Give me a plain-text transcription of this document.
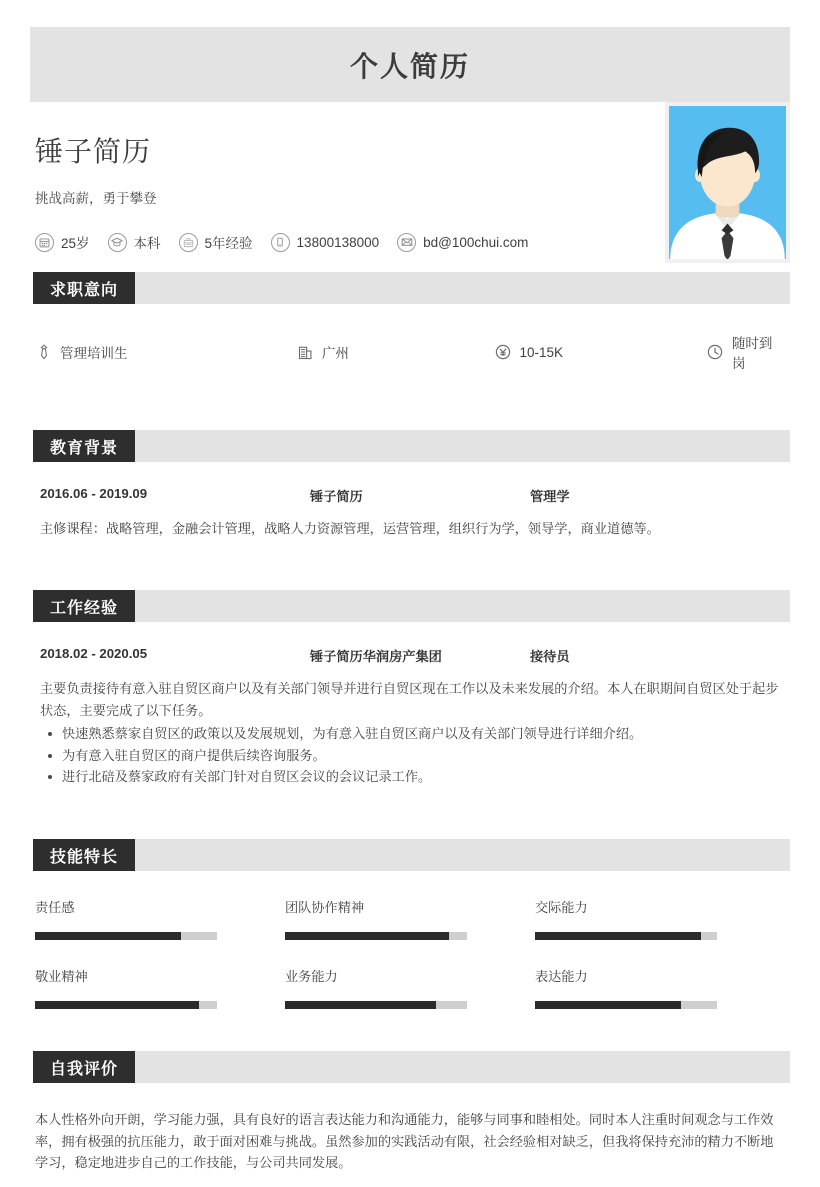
个人简历
锤子简历
挑战高薪，勇于攀登
25岁	本科	5年经验	13800138000	bd@100chui.com
求职意向
管理培训生	广州	10-15K
随时到岗
教育背景
2016.06 - 2019.09	锤子简历	管理学
主修课程：战略管理，金融会计管理，战略人力资源管理，运营管理，组织行为学，领导学，商业道德等。
工作经验
2018.02 - 2020.05	锤子简历华润房产集团	接待员
主要负责接待有意入驻自贸区商户以及有关部门领导并进行自贸区现在工作以及未来发展的介绍。本人在职期间自贸区处于起步状态，主要完成了以下任务。
快速熟悉蔡家自贸区的政策以及发展规划，为有意入驻自贸区商户以及有关部门领导进行详细介绍。
为有意入驻自贸区的商户提供后续咨询服务。
进行北碚及蔡家政府有关部门针对自贸区会议的会议记录工作。
技能特长
责任感	团队协作精神	交际能力
敬业精神	业务能力	表达能力
自我评价
本人性格外向开朗，学习能力强，具有良好的语言表达能力和沟通能力，能够与同事和睦相处。同时本人注重时间观念与工作效率，拥有极强的抗压能力，敢于面对困难与挑战。虽然参加的实践活动有限，社会经验相对缺乏，但我将保持充沛的精力不断地学习，稳定地进步自己的工作技能，与公司共同发展。
